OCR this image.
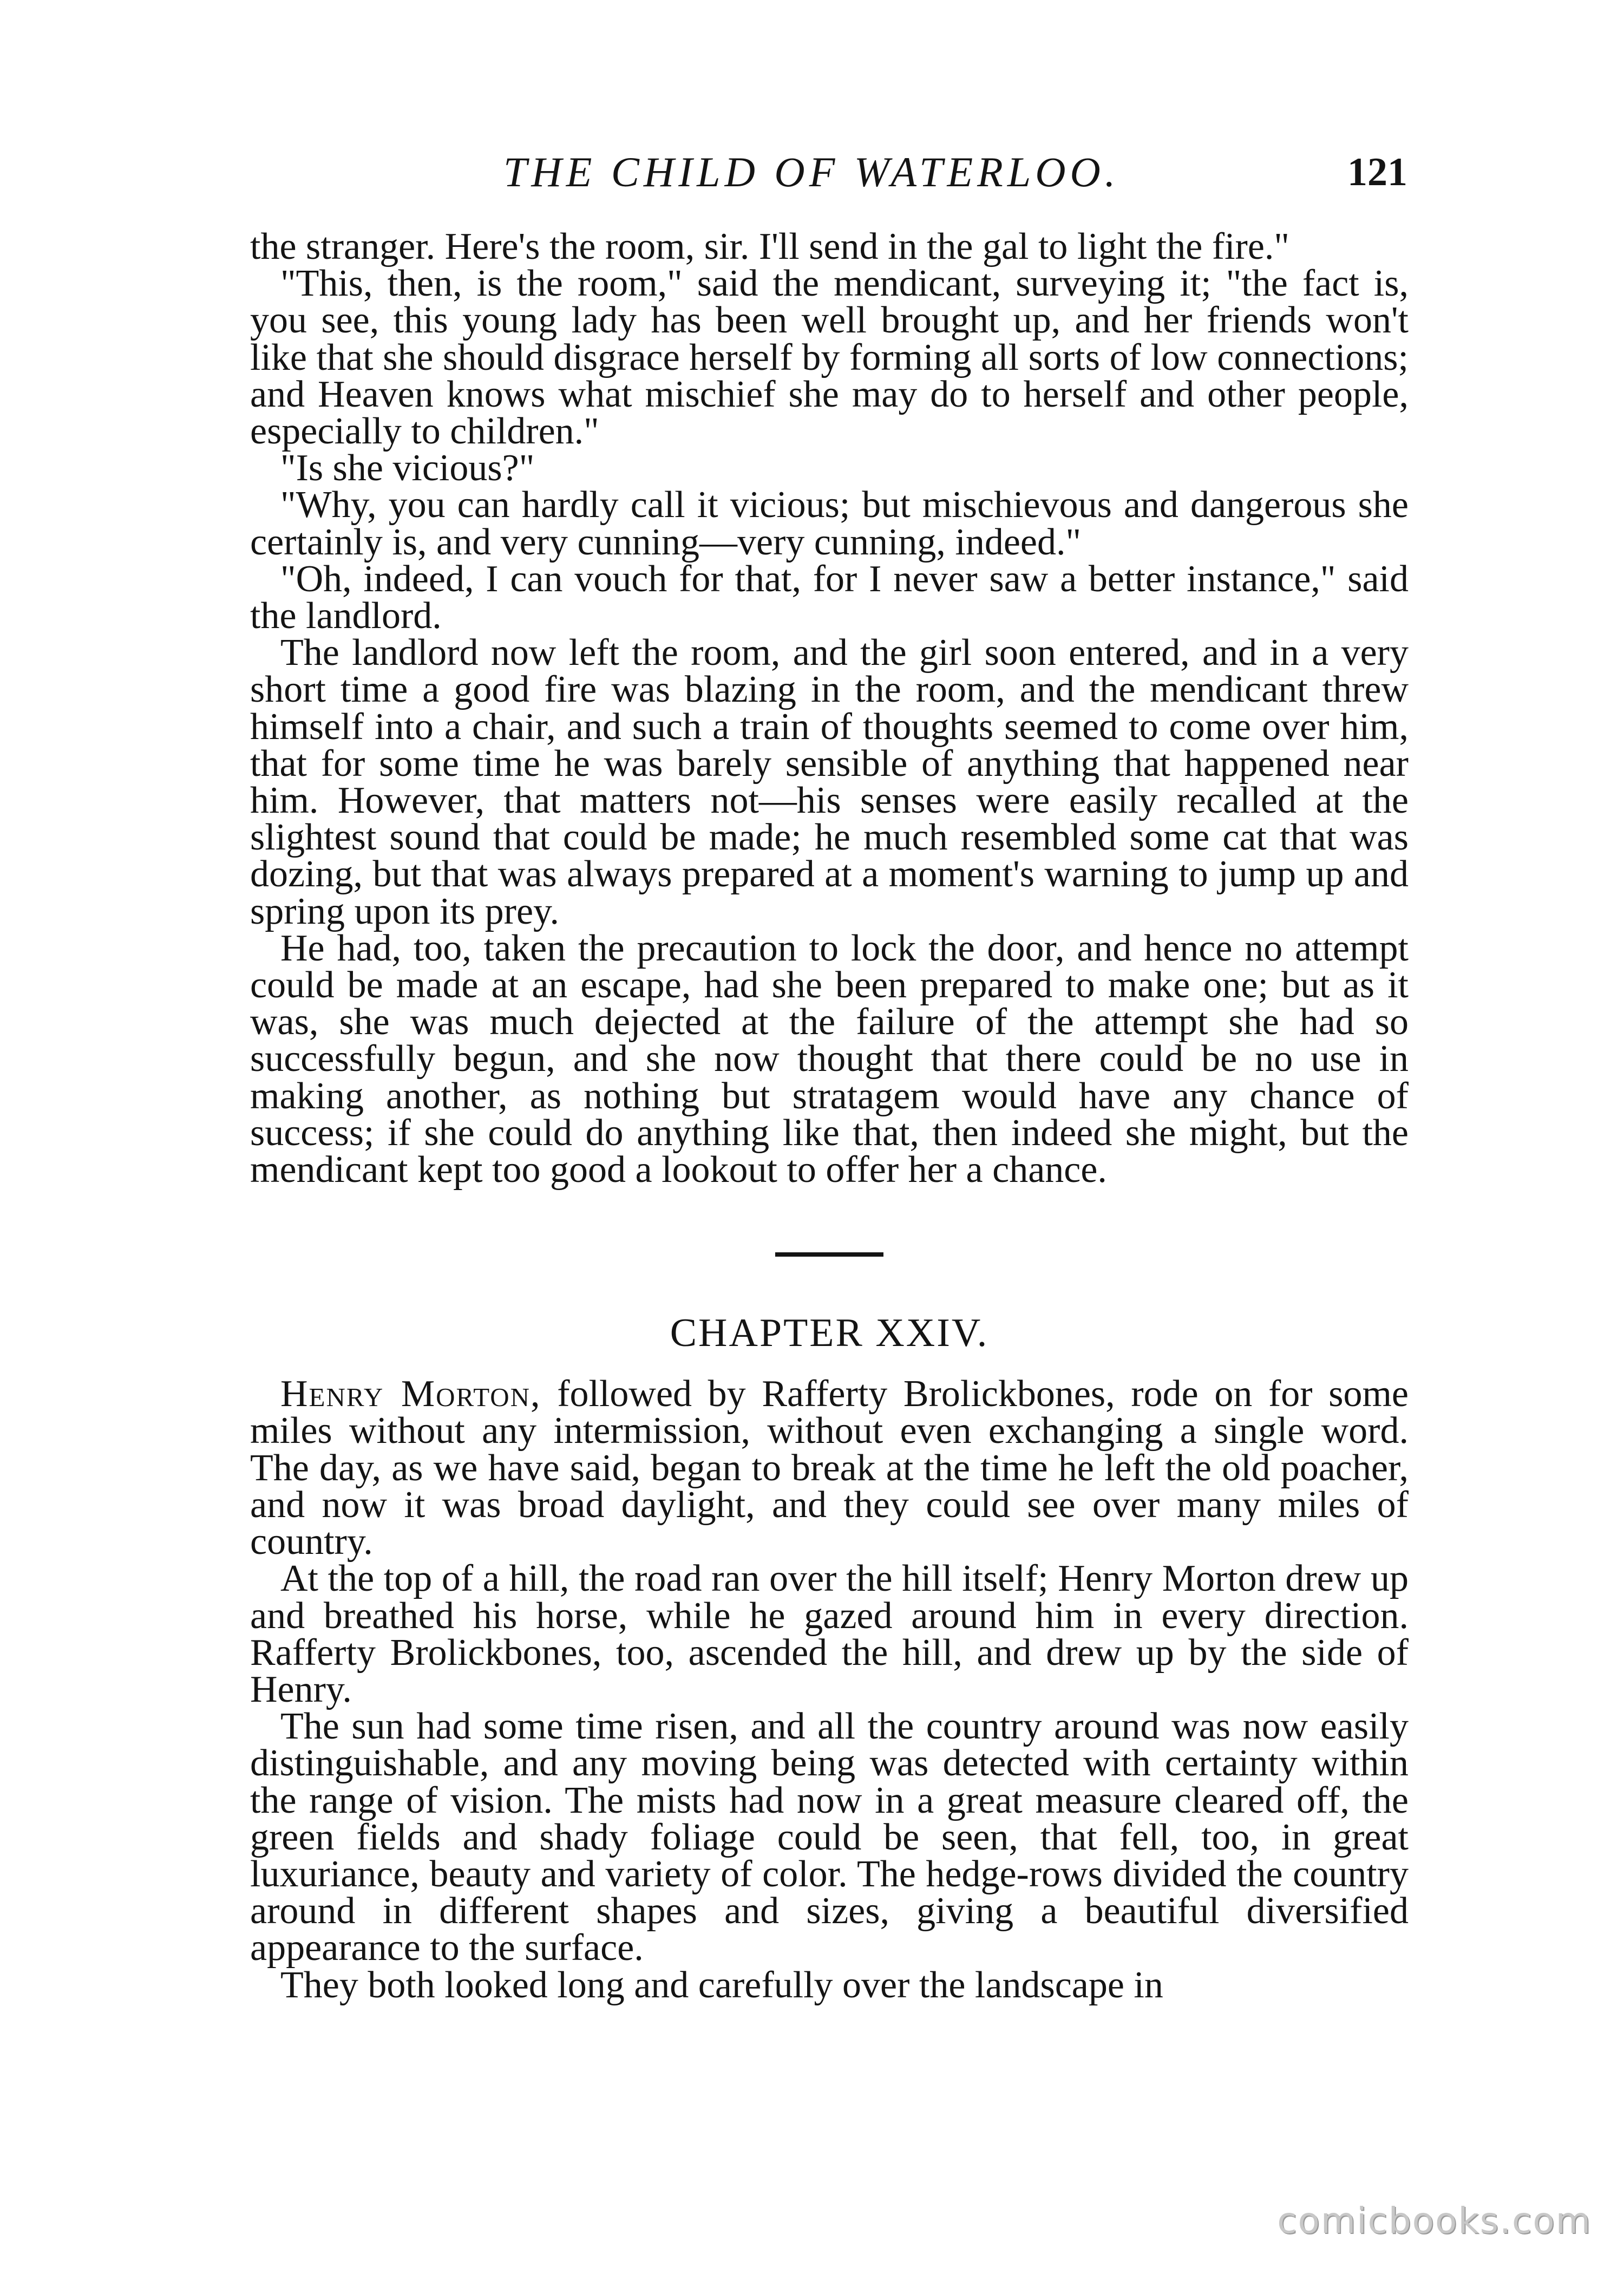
THE CHILD OF WATERLOO.	121

the stranger. Here's the room, sir. I'll send in the gal to light the fire."

"This, then, is the room," said the mendicant, surveying it; "the fact is, you see, this young lady has been well brought up, and her friends won't like that she should disgrace herself by forming all sorts of low connections; and Heaven knows what mischief she may do to herself and other people, especially to children."

"Is she vicious?"

"Why, you can hardly call it vicious; but mischievous and dangerous she certainly is, and very cunning—very cunning, indeed."

"Oh, indeed, I can vouch for that, for I never saw a better instance," said the landlord.

The landlord now left the room, and the girl soon entered, and in a very short time a good fire was blazing in the room, and the mendicant threw himself into a chair, and such a train of thoughts seemed to come over him, that for some time he was barely sensible of anything that happened near him. However, that matters not—his senses were easily recalled at the slightest sound that could be made; he much resembled some cat that was dozing, but that was always prepared at a moment's warning to jump up and spring upon its prey.

He had, too, taken the precaution to lock the door, and hence no attempt could be made at an escape, had she been prepared to make one; but as it was, she was much dejected at the failure of the attempt she had so successfully begun, and she now thought that there could be no use in making another, as nothing but stratagem would have any chance of success; if she could do anything like that, then indeed she might, but the mendicant kept too good a lookout to offer her a chance.

CHAPTER XXIV.

Henry Morton, followed by Rafferty Brolickbones, rode on for some miles without any intermission, without even exchanging a single word. The day, as we have said, began to break at the time he left the old poacher, and now it was broad daylight, and they could see over many miles of country.

At the top of a hill, the road ran over the hill itself; Henry Morton drew up and breathed his horse, while he gazed around him in every direction. Rafferty Brolickbones, too, ascended the hill, and drew up by the side of Henry.

The sun had some time risen, and all the country around was now easily distinguishable, and any moving being was detected with certainty within the range of vision. The mists had now in a great measure cleared off, the green fields and shady foliage could be seen, that fell, too, in great luxuriance, beauty and variety of color. The hedge-rows divided the country around in different shapes and sizes, giving a beautiful diversified appearance to the surface.

They both looked long and carefully over the landscape in

comicbooks.com
